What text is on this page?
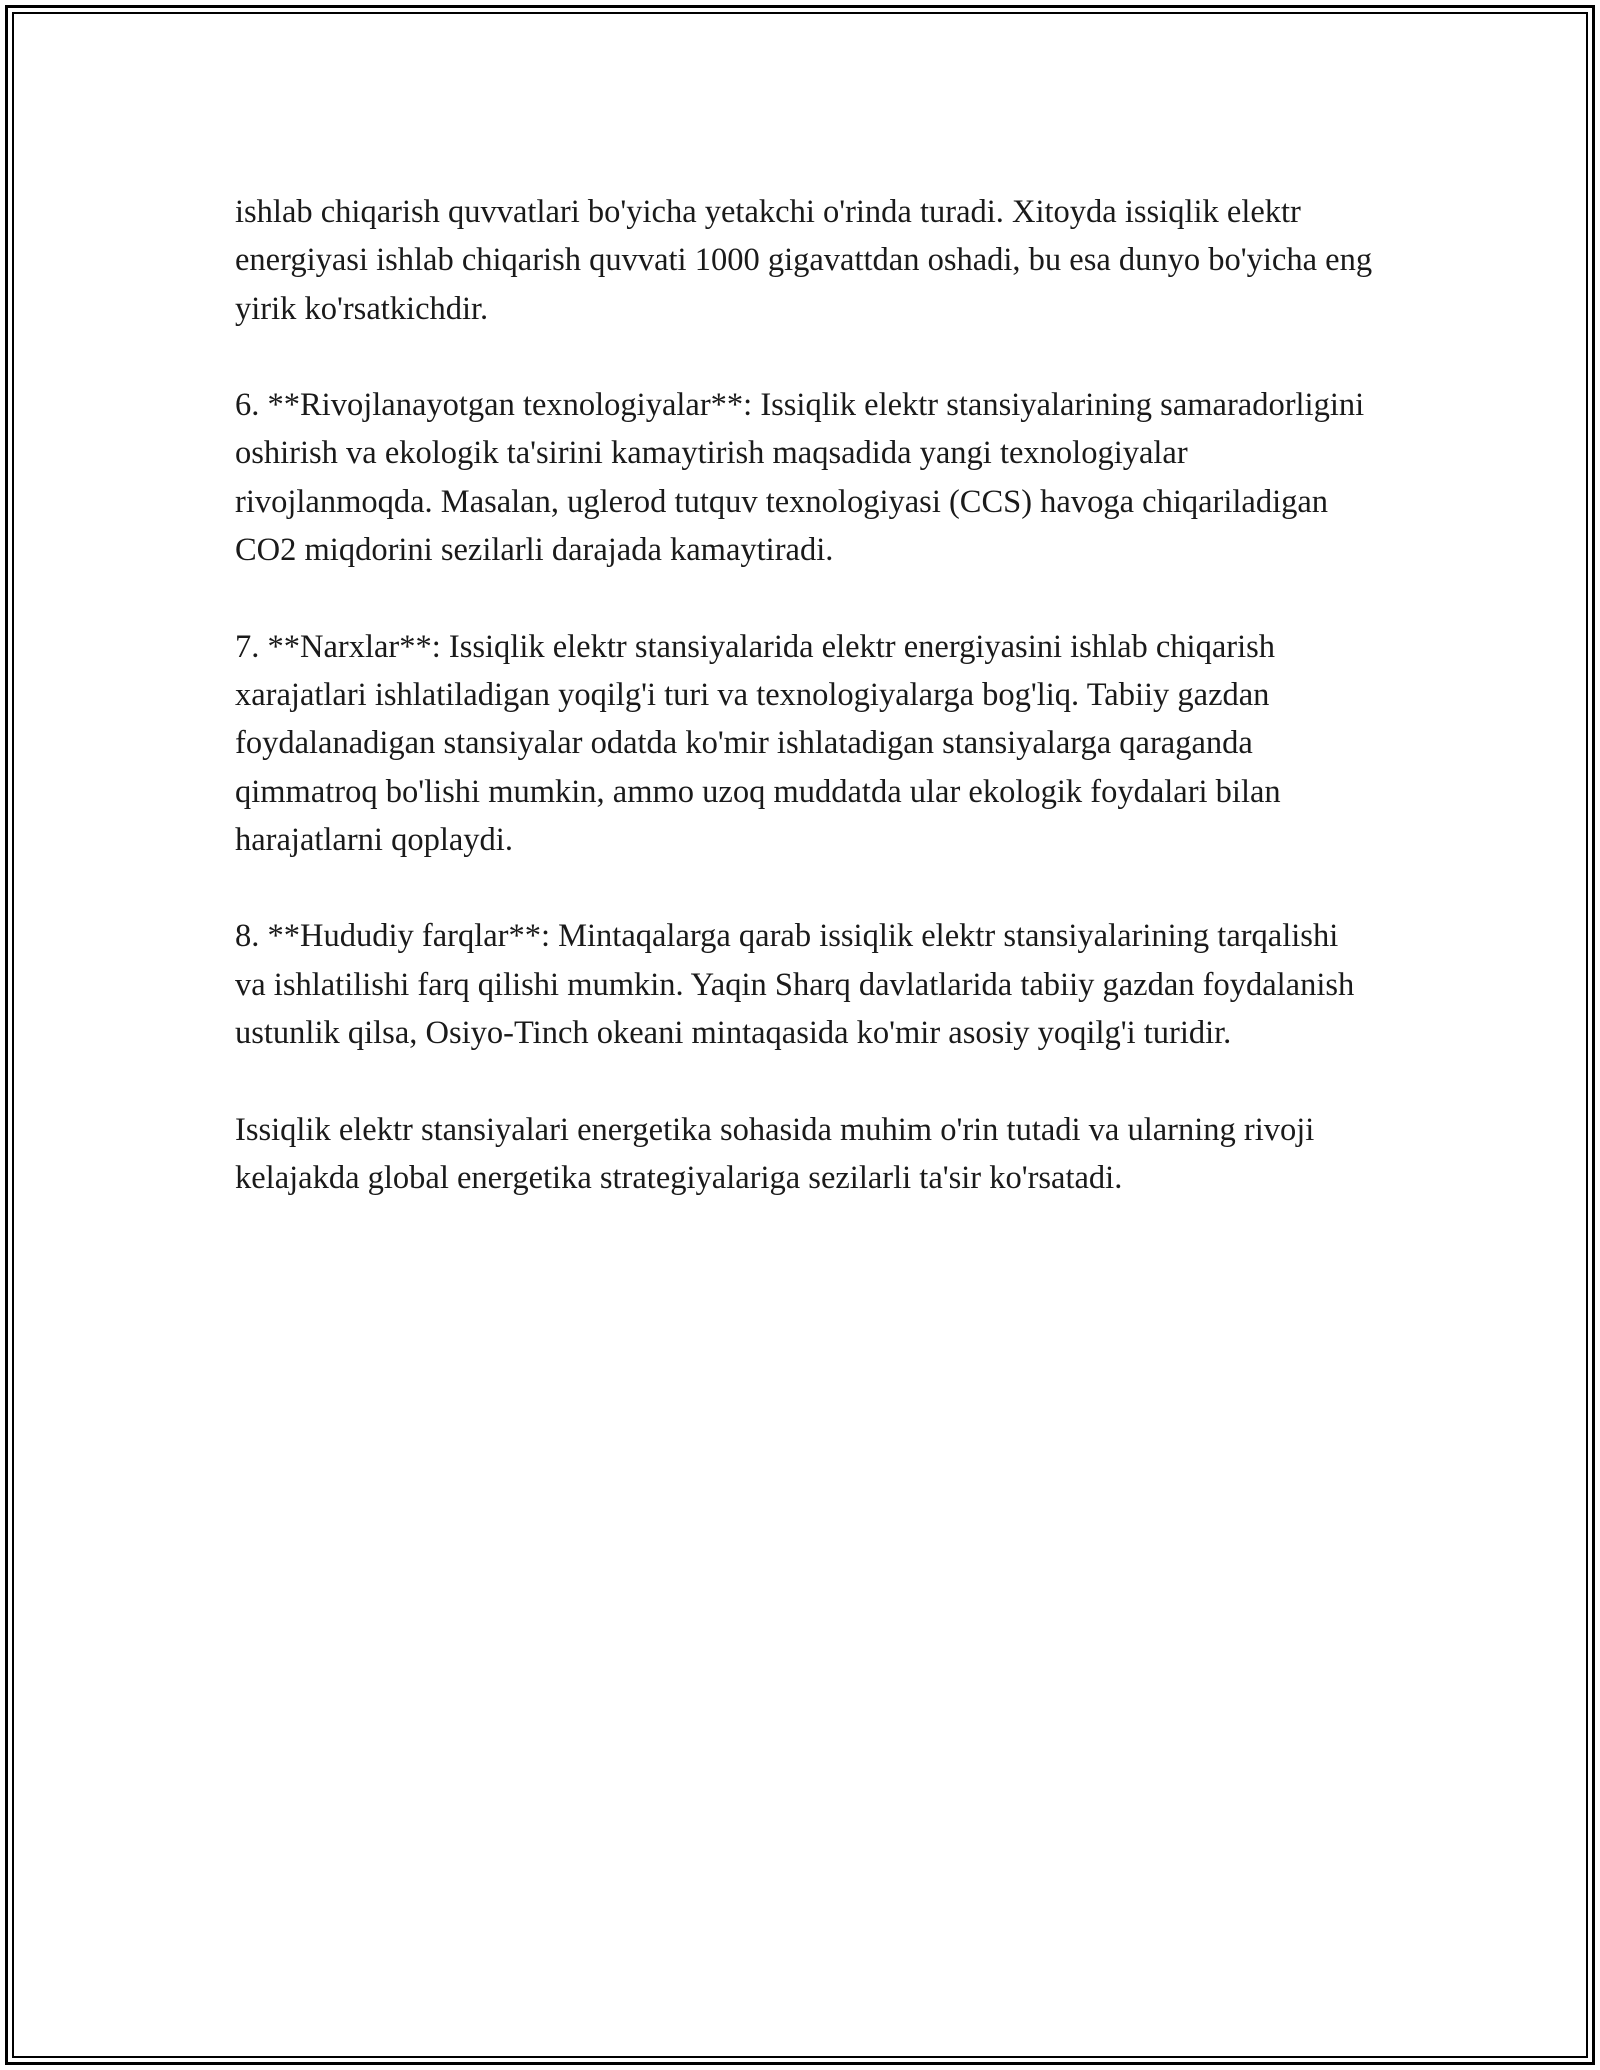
ishlab chiqarish quvvatlari bo'yicha yetakchi o'rinda turadi. Xitoyda issiqlik elektr energiyasi ishlab chiqarish quvvati 1000 gigavattdan oshadi, bu esa dunyo bo'yicha eng yirik ko'rsatkichdir.

6. **Rivojlanayotgan texnologiyalar**: Issiqlik elektr stansiyalarining samaradorligini oshirish va ekologik ta'sirini kamaytirish maqsadida yangi texnologiyalar rivojlanmoqda. Masalan, uglerod tutquv texnologiyasi (CCS) havoga chiqariladigan CO2 miqdorini sezilarli darajada kamaytiradi.

7. **Narxlar**: Issiqlik elektr stansiyalarida elektr energiyasini ishlab chiqarish xarajatlari ishlatiladigan yoqilg'i turi va texnologiyalarga bog'liq. Tabiiy gazdan foydalanadigan stansiyalar odatda ko'mir ishlatadigan stansiyalarga qaraganda qimmatroq bo'lishi mumkin, ammo uzoq muddatda ular ekologik foydalari bilan harajatlarni qoplaydi.

8. **Hududiy farqlar**: Mintaqalarga qarab issiqlik elektr stansiyalarining tarqalishi va ishlatilishi farq qilishi mumkin. Yaqin Sharq davlatlarida tabiiy gazdan foydalanish ustunlik qilsa, Osiyo-Tinch okeani mintaqasida ko'mir asosiy yoqilg'i turidir.

Issiqlik elektr stansiyalari energetika sohasida muhim o'rin tutadi va ularning rivoji kelajakda global energetika strategiyalariga sezilarli ta'sir ko'rsatadi.
